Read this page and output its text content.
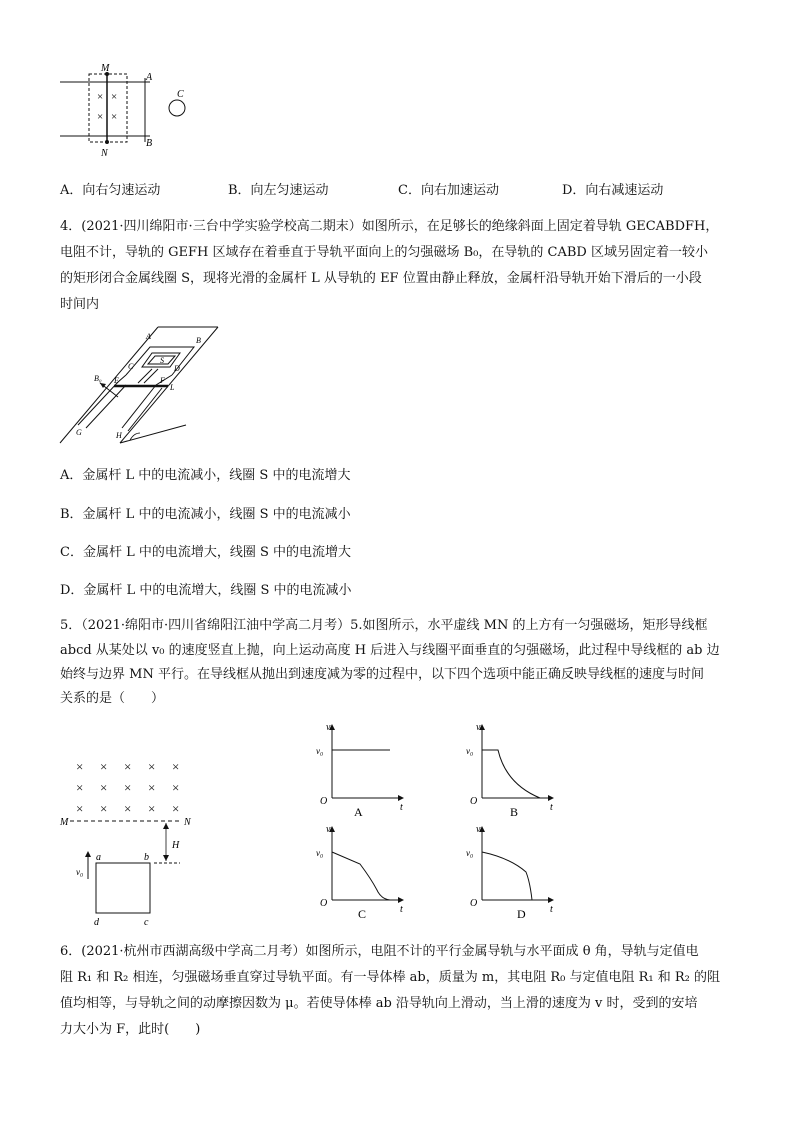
× ×
× ×
M
N
A
B
C
A．向右匀速运动	B．向左匀速运动	C．向右加速运动	D．向右减速运动
4．(2021·四川绵阳市·三台中学实验学校高二期末）如图所示，在足够长的绝缘斜面上固定着导轨 GECABDFH，
电阻不计，导轨的 GEFH 区域存在着垂直于导轨平面向上的匀强磁场 B₀，在导轨的 CABD 区域另固定着一较小
的矩形闭合金属线圈 S，现将光滑的金属杆 L 从导轨的 EF 位置由静止释放，金属杆沿导轨开始下滑后的一小段
时间内
A	B
S
C	D
B₀ E	F
L
G	H
A．金属杆 L 中的电流减小，线圈 S 中的电流增大
B．金属杆 L 中的电流减小，线圈 S 中的电流减小
C．金属杆 L 中的电流增大，线圈 S 中的电流增大
D．金属杆 L 中的电流增大，线圈 S 中的电流减小
5．（2021·绵阳市·四川省绵阳江油中学高二月考）5.如图所示，水平虚线 MN 的上方有一匀强磁场，矩形导线框
abcd 从某处以 v₀ 的速度竖直上抛，向上运动高度 H 后进入与线圈平面垂直的匀强磁场，此过程中导线框的 ab 边
始终与边界 MN 平行。在导线框从抛出到速度减为零的过程中，以下四个选项中能正确反映导线框的速度与时间
关系的是（　　）
× × × × ×
× × × × ×
× × × × ×
M	N
H
v₀
a	b
c
d
v
v₀
O
t
A
v
v₀
O
t
B
v
v₀
O
t
C
v
v₀
O
t
D
6．(2021·杭州市西湖高级中学高二月考）如图所示，电阻不计的平行金属导轨与水平面成 θ 角，导轨与定值电
阻 R₁ 和 R₂ 相连，匀强磁场垂直穿过导轨平面。有一导体棒 ab，质量为 m，其电阻 R₀ 与定值电阻 R₁ 和 R₂ 的阻
值均相等，与导轨之间的动摩擦因数为 μ。若使导体棒 ab 沿导轨向上滑动，当上滑的速度为 v 时，受到的安培
力大小为 F，此时(　　)
